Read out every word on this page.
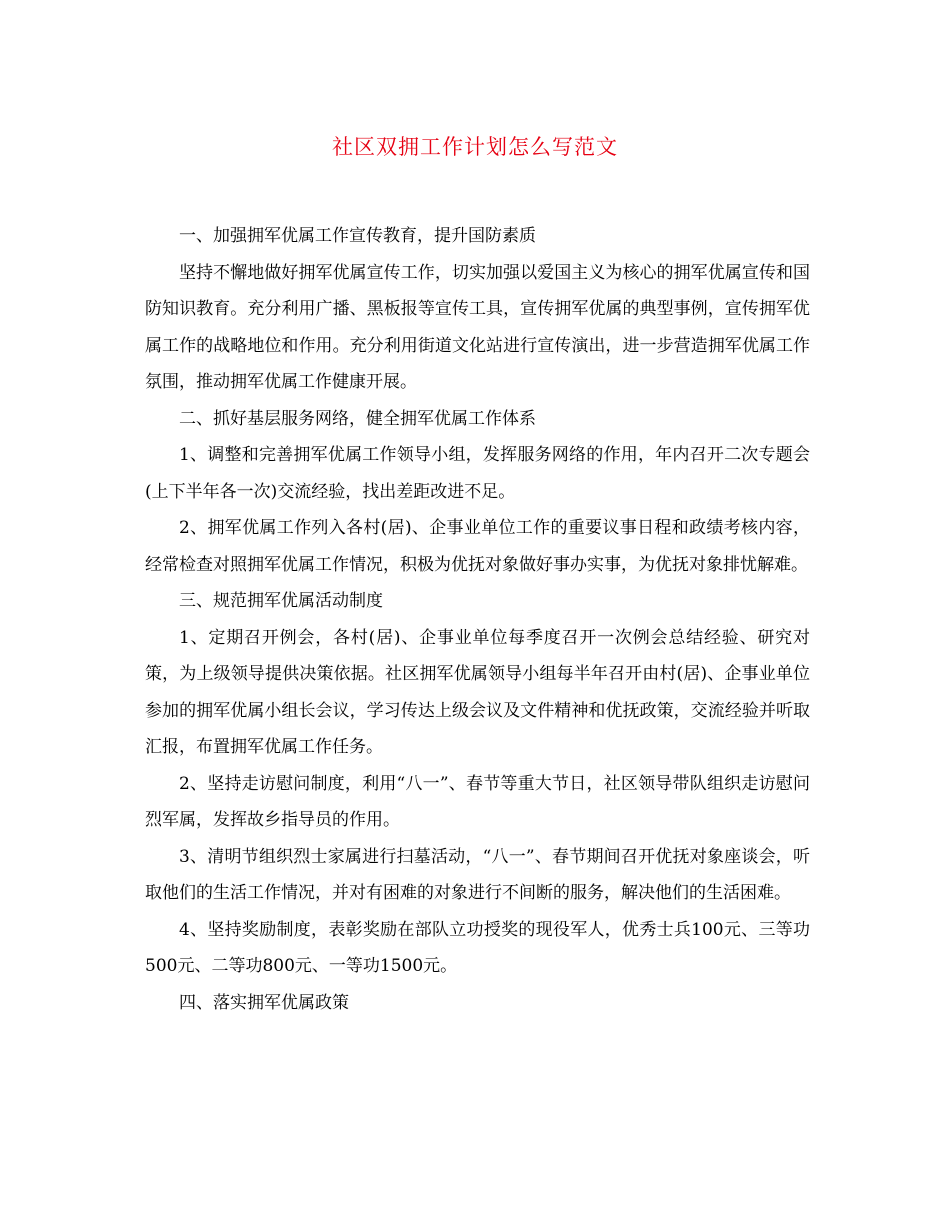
社区双拥工作计划怎么写范文

一、加强拥军优属工作宣传教育，提升国防素质

坚持不懈地做好拥军优属宣传工作，切实加强以爱国主义为核心的拥军优属宣传和国防知识教育。充分利用广播、黑板报等宣传工具，宣传拥军优属的典型事例，宣传拥军优属工作的战略地位和作用。充分利用街道文化站进行宣传演出，进一步营造拥军优属工作氛围，推动拥军优属工作健康开展。

二、抓好基层服务网络，健全拥军优属工作体系

1、调整和完善拥军优属工作领导小组，发挥服务网络的作用，年内召开二次专题会(上下半年各一次)交流经验，找出差距改进不足。

2、拥军优属工作列入各村(居)、企事业单位工作的重要议事日程和政绩考核内容，经常检查对照拥军优属工作情况，积极为优抚对象做好事办实事，为优抚对象排忧解难。

三、规范拥军优属活动制度

1、定期召开例会，各村(居)、企事业单位每季度召开一次例会总结经验、研究对策，为上级领导提供决策依据。社区拥军优属领导小组每半年召开由村(居)、企事业单位参加的拥军优属小组长会议，学习传达上级会议及文件精神和优抚政策，交流经验并听取汇报，布置拥军优属工作任务。

2、坚持走访慰问制度，利用“八一”、春节等重大节日，社区领导带队组织走访慰问烈军属，发挥故乡指导员的作用。

3、清明节组织烈士家属进行扫墓活动，“八一”、春节期间召开优抚对象座谈会，听取他们的生活工作情况，并对有困难的对象进行不间断的服务，解决他们的生活困难。

4、坚持奖励制度，表彰奖励在部队立功授奖的现役军人，优秀士兵100元、三等功500元、二等功800元、一等功1500元。

四、落实拥军优属政策
